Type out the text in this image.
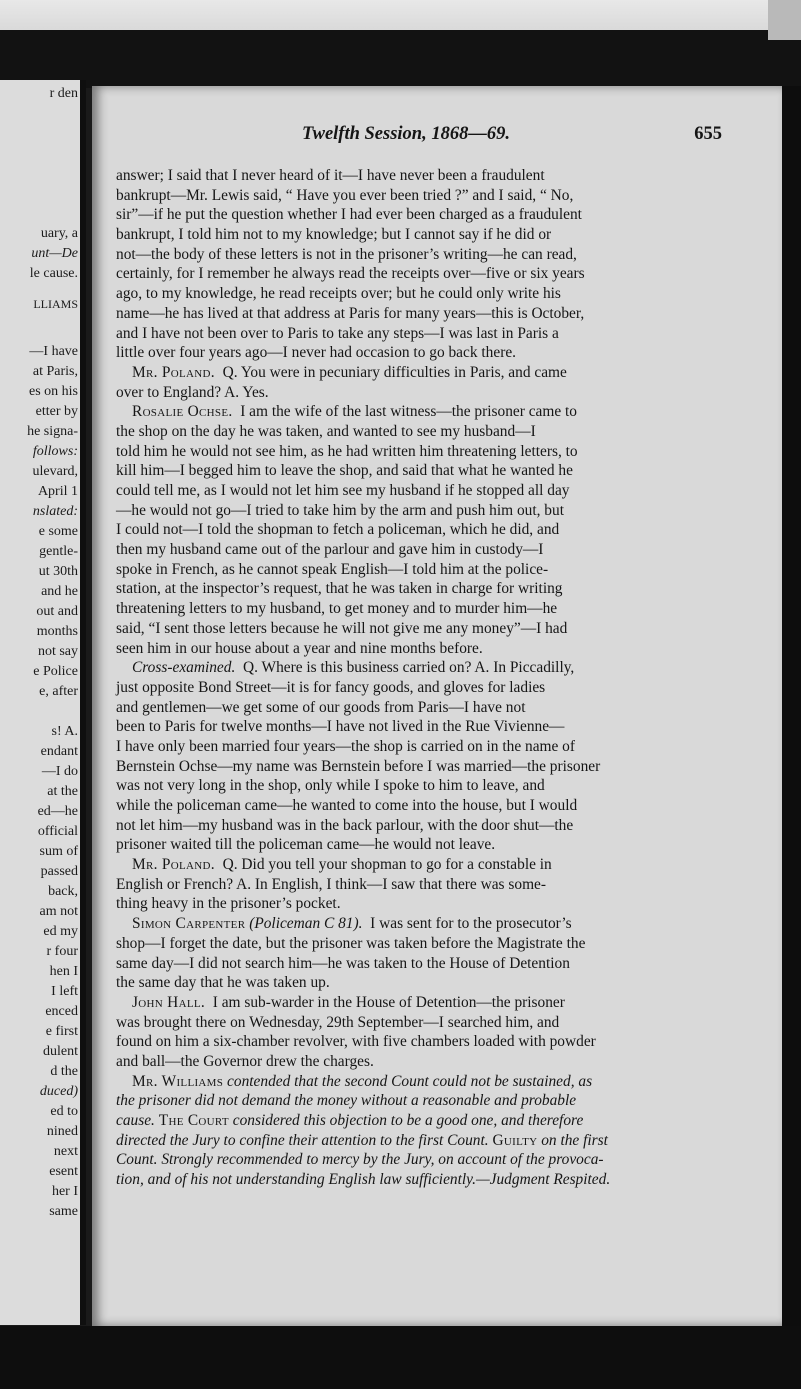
r den
uary, a
unt—De
le cause.
LLIAMS
—I have
at Paris,
es on his
etter by
he signa-
follows:
ulevard,
April 1
nslated:
e some
gentle-
ut 30th
and he
out and
months
not say
e Police
e, after
s! A.
endant
—I do
at the
ed—he
official
sum of
passed
back,
am not
ed my
r four
hen I
I left
enced
e first
dulent
d the
duced)
ed to
nined
next
esent
her I
same
Twelfth Session, 1868—69.	655
answer; I said that I never heard of it—I have never been a fraudulent
bankrupt—Mr. Lewis said, “ Have you ever been tried ?” and I said, “ No,
sir”—if he put the question whether I had ever been charged as a fraudulent
bankrupt, I told him not to my knowledge; but I cannot say if he did or
not—the body of these letters is not in the prisoner’s writing—he can read,
certainly, for I remember he always read the receipts over—five or six years
ago, to my knowledge, he read receipts over; but he could only write his
name—he has lived at that address at Paris for many years—this is October,
and I have not been over to Paris to take any steps—I was last in Paris a
little over four years ago—I never had occasion to go back there.
Mr. Poland. Q. You were in pecuniary difficulties in Paris, and came
over to England? A. Yes.
Rosalie Ochse. I am the wife of the last witness—the prisoner came to
the shop on the day he was taken, and wanted to see my husband—I
told him he would not see him, as he had written him threatening letters, to
kill him—I begged him to leave the shop, and said that what he wanted he
could tell me, as I would not let him see my husband if he stopped all day
—he would not go—I tried to take him by the arm and push him out, but
I could not—I told the shopman to fetch a policeman, which he did, and
then my husband came out of the parlour and gave him in custody—I
spoke in French, as he cannot speak English—I told him at the police-
station, at the inspector’s request, that he was taken in charge for writing
threatening letters to my husband, to get money and to murder him—he
said, “I sent those letters because he will not give me any money”—I had
seen him in our house about a year and nine months before.
Cross-examined. Q. Where is this business carried on? A. In Piccadilly,
just opposite Bond Street—it is for fancy goods, and gloves for ladies
and gentlemen—we get some of our goods from Paris—I have not
been to Paris for twelve months—I have not lived in the Rue Vivienne—
I have only been married four years—the shop is carried on in the name of
Bernstein Ochse—my name was Bernstein before I was married—the prisoner
was not very long in the shop, only while I spoke to him to leave, and
while the policeman came—he wanted to come into the house, but I would
not let him—my husband was in the back parlour, with the door shut—the
prisoner waited till the policeman came—he would not leave.
Mr. Poland. Q. Did you tell your shopman to go for a constable in
English or French? A. In English, I think—I saw that there was some-
thing heavy in the prisoner’s pocket.
Simon Carpenter (Policeman C 81). I was sent for to the prosecutor’s
shop—I forget the date, but the prisoner was taken before the Magistrate the
same day—I did not search him—he was taken to the House of Detention
the same day that he was taken up.
John Hall. I am sub-warder in the House of Detention—the prisoner
was brought there on Wednesday, 29th September—I searched him, and
found on him a six-chamber revolver, with five chambers loaded with powder
and ball—the Governor drew the charges.
Mr. Williams contended that the second Count could not be sustained, as
the prisoner did not demand the money without a reasonable and probable
cause. The Court considered this objection to be a good one, and therefore
directed the Jury to confine their attention to the first Count. Guilty on the first
Count. Strongly recommended to mercy by the Jury, on account of the provoca-
tion, and of his not understanding English law sufficiently.—Judgment Respited.
